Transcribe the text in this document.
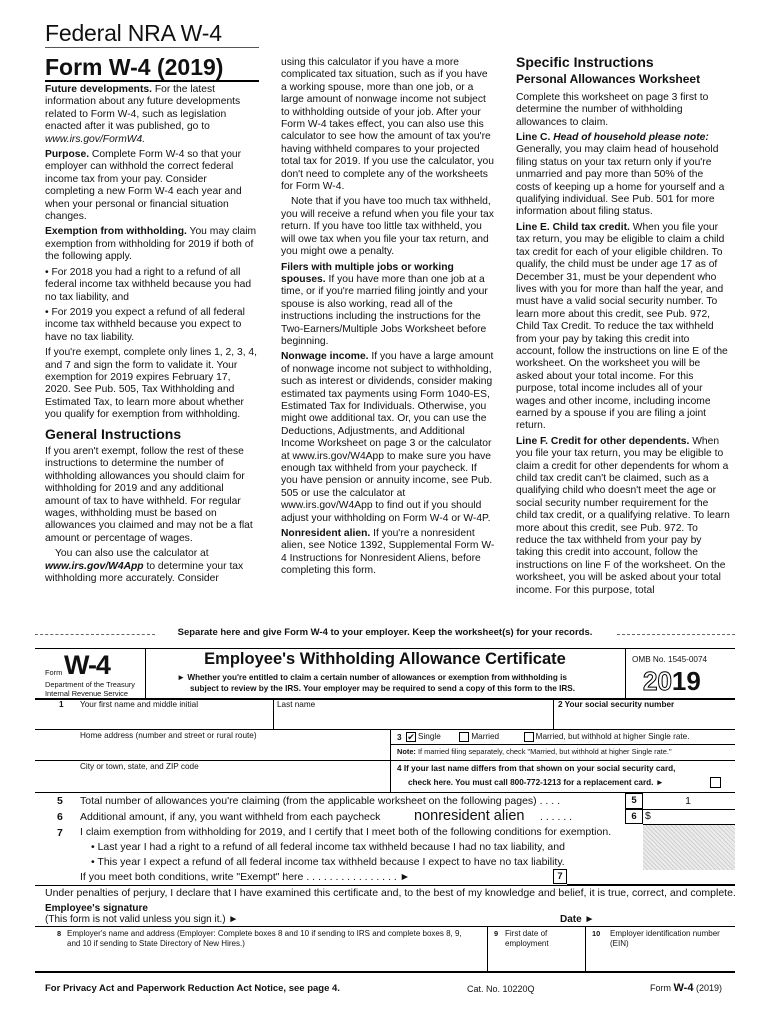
Federal NRA W-4
Form W-4 (2019)

Future developments. For the latest information about any future developments related to Form W-4, such as legislation enacted after it was published, go to www.irs.gov/FormW4.

Purpose. Complete Form W-4 so that your employer can withhold the correct federal income tax from your pay. Consider completing a new Form W-4 each year and when your personal or financial situation changes.

Exemption from withholding. You may claim exemption from withholding for 2019 if both of the following apply.

• For 2018 you had a right to a refund of all federal income tax withheld because you had no tax liability, and

• For 2019 you expect a refund of all federal income tax withheld because you expect to have no tax liability.

If you're exempt, complete only lines 1, 2, 3, 4, and 7 and sign the form to validate it. Your exemption for 2019 expires February 17, 2020. See Pub. 505, Tax Withholding and Estimated Tax, to learn more about whether you qualify for exemption from withholding.

General Instructions

If you aren't exempt, follow the rest of these instructions to determine the number of withholding allowances you should claim for withholding for 2019 and any additional amount of tax to have withheld. For regular wages, withholding must be based on allowances you claimed and may not be a flat amount or percentage of wages.

You can also use the calculator at www.irs.gov/W4App to determine your tax withholding more accurately. Consider

using this calculator if you have a more complicated tax situation, such as if you have a working spouse, more than one job, or a large amount of nonwage income not subject to withholding outside of your job. After your Form W-4 takes effect, you can also use this calculator to see how the amount of tax you're having withheld compares to your projected total tax for 2019. If you use the calculator, you don't need to complete any of the worksheets for Form W-4.

Note that if you have too much tax withheld, you will receive a refund when you file your tax return. If you have too little tax withheld, you will owe tax when you file your tax return, and you might owe a penalty.

Filers with multiple jobs or working spouses. If you have more than one job at a time, or if you're married filing jointly and your spouse is also working, read all of the instructions including the instructions for the Two-Earners/Multiple Jobs Worksheet before beginning.

Nonwage income. If you have a large amount of nonwage income not subject to withholding, such as interest or dividends, consider making estimated tax payments using Form 1040-ES, Estimated Tax for Individuals. Otherwise, you might owe additional tax. Or, you can use the Deductions, Adjustments, and Additional Income Worksheet on page 3 or the calculator at www.irs.gov/W4App to make sure you have enough tax withheld from your paycheck. If you have pension or annuity income, see Pub. 505 or use the calculator at www.irs.gov/W4App to find out if you should adjust your withholding on Form W-4 or W-4P.

Nonresident alien. If you're a nonresident alien, see Notice 1392, Supplemental Form W-4 Instructions for Nonresident Aliens, before completing this form.

Specific Instructions
Personal Allowances Worksheet

Complete this worksheet on page 3 first to determine the number of withholding allowances to claim.

Line C. Head of household please note: Generally, you may claim head of household filing status on your tax return only if you're unmarried and pay more than 50% of the costs of keeping up a home for yourself and a qualifying individual. See Pub. 501 for more information about filing status.

Line E. Child tax credit. When you file your tax return, you may be eligible to claim a child tax credit for each of your eligible children. To qualify, the child must be under age 17 as of December 31, must be your dependent who lives with you for more than half the year, and must have a valid social security number. To learn more about this credit, see Pub. 972, Child Tax Credit. To reduce the tax withheld from your pay by taking this credit into account, follow the instructions on line E of the worksheet. On the worksheet you will be asked about your total income. For this purpose, total income includes all of your wages and other income, including income earned by a spouse if you are filing a joint return.

Line F. Credit for other dependents. When you file your tax return, you may be eligible to claim a credit for other dependents for whom a child tax credit can't be claimed, such as a qualifying child who doesn't meet the age or social security number requirement for the child tax credit, or a qualifying relative. To learn more about this credit, see Pub. 972. To reduce the tax withheld from your pay by taking this credit into account, follow the instructions on line F of the worksheet. On the worksheet, you will be asked about your total income. For this purpose, total

Separate here and give Form W-4 to your employer. Keep the worksheet(s) for your records.
Form W-4
Department of the Treasury
Internal Revenue Service
Employee's Withholding Allowance Certificate
► Whether you're entitled to claim a certain number of allowances or exemption from withholding is
subject to review by the IRS. Your employer may be required to send a copy of this form to the IRS.
OMB No. 1545-0074
2019
1 Your first name and middle initial	Last name	2 Your social security number
Home address (number and street or rural route)	3 ✔ Single	Married	Married, but withhold at higher Single rate.
Note: If married filing separately, check "Married, but withhold at higher Single rate."
City or town, state, and ZIP code	4 If your last name differs from that shown on your social security card,
check here. You must call 800-772-1213 for a replacement card. ►
5 Total number of allowances you're claiming (from the applicable worksheet on the following pages) . . . .	5	1
6 Additional amount, if any, you want withheld from each paycheck nonresident alien . . . . . .	6 $
7 I claim exemption from withholding for 2019, and I certify that I meet both of the following conditions for exemption.
• Last year I had a right to a refund of all federal income tax withheld because I had no tax liability, and
• This year I expect a refund of all federal income tax withheld because I expect to have no tax liability.
If you meet both conditions, write "Exempt" here . . . . . . . . . . . . . . . . ►	7
Under penalties of perjury, I declare that I have examined this certificate and, to the best of my knowledge and belief, it is true, correct, and complete.
Employee's signature
(This form is not valid unless you sign it.) ►	Date ►
8 Employer's name and address (Employer: Complete boxes 8 and 10 if sending to IRS and complete boxes 8, 9, and 10 if sending to State Directory of New Hires.)
9 First date of employment
10 Employer identification number (EIN)
For Privacy Act and Paperwork Reduction Act Notice, see page 4.	Cat. No. 10220Q	Form W-4 (2019)
